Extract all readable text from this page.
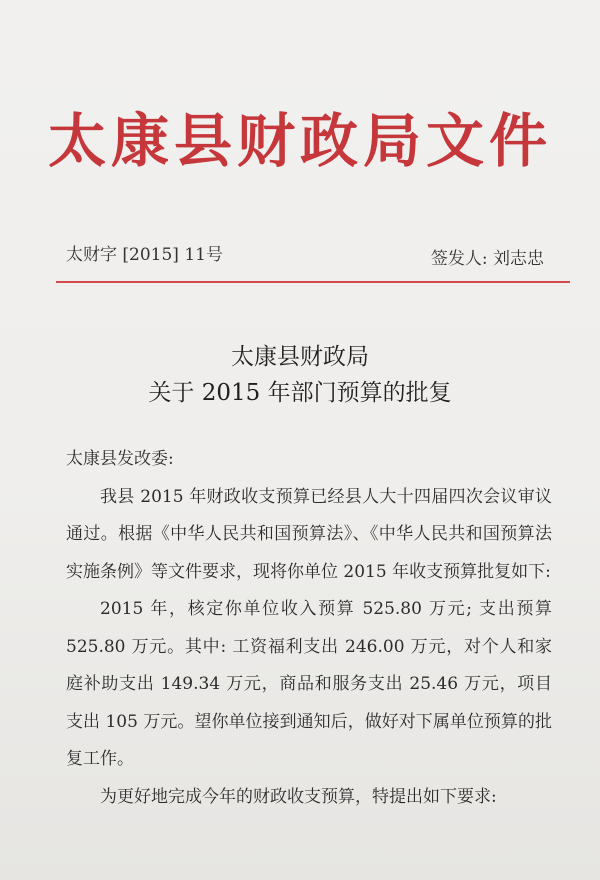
太康县财政局文件
太财字 [2015] 11号	签发人: 刘志忠
太康县财政局
关于 2015 年部门预算的批复

太康县发改委:

我县 2015 年财政收支预算已经县人大十四届四次会议审议通过。根据《中华人民共和国预算法》、《中华人民共和国预算法实施条例》等文件要求，现将你单位 2015 年收支预算批复如下:

2015 年，核定你单位收入预算 525.80 万元; 支出预算 525.80 万元。其中: 工资福利支出 246.00 万元，对个人和家庭补助支出 149.34 万元，商品和服务支出 25.46 万元，项目支出 105 万元。望你单位接到通知后，做好对下属单位预算的批复工作。

为更好地完成今年的财政收支预算，特提出如下要求:
